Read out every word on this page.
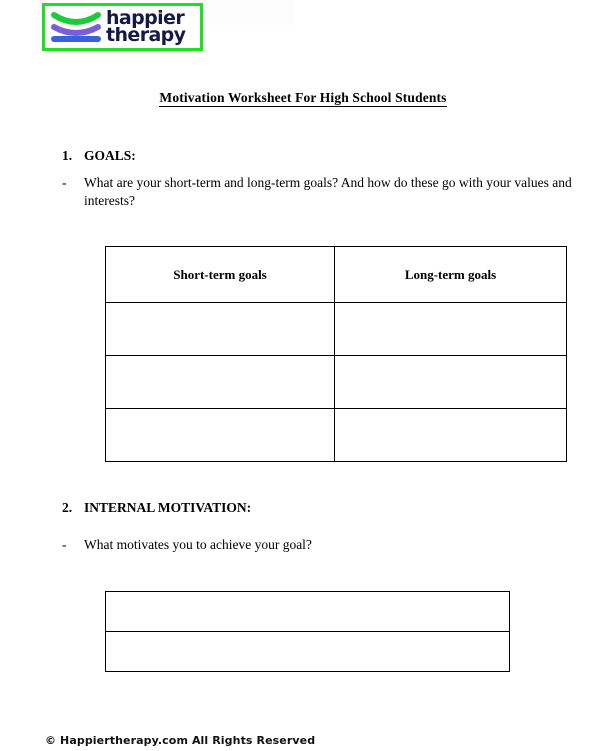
happier
therapy
Motivation Worksheet For High School Students
1. GOALS:
-	What are your short-term and long-term goals? And how do these go with your values and interests?
Short-term goals	Long-term goals

2. INTERNAL MOTIVATION:
-	What motivates you to achieve your goal?

© Happiertherapy.com All Rights Reserved
